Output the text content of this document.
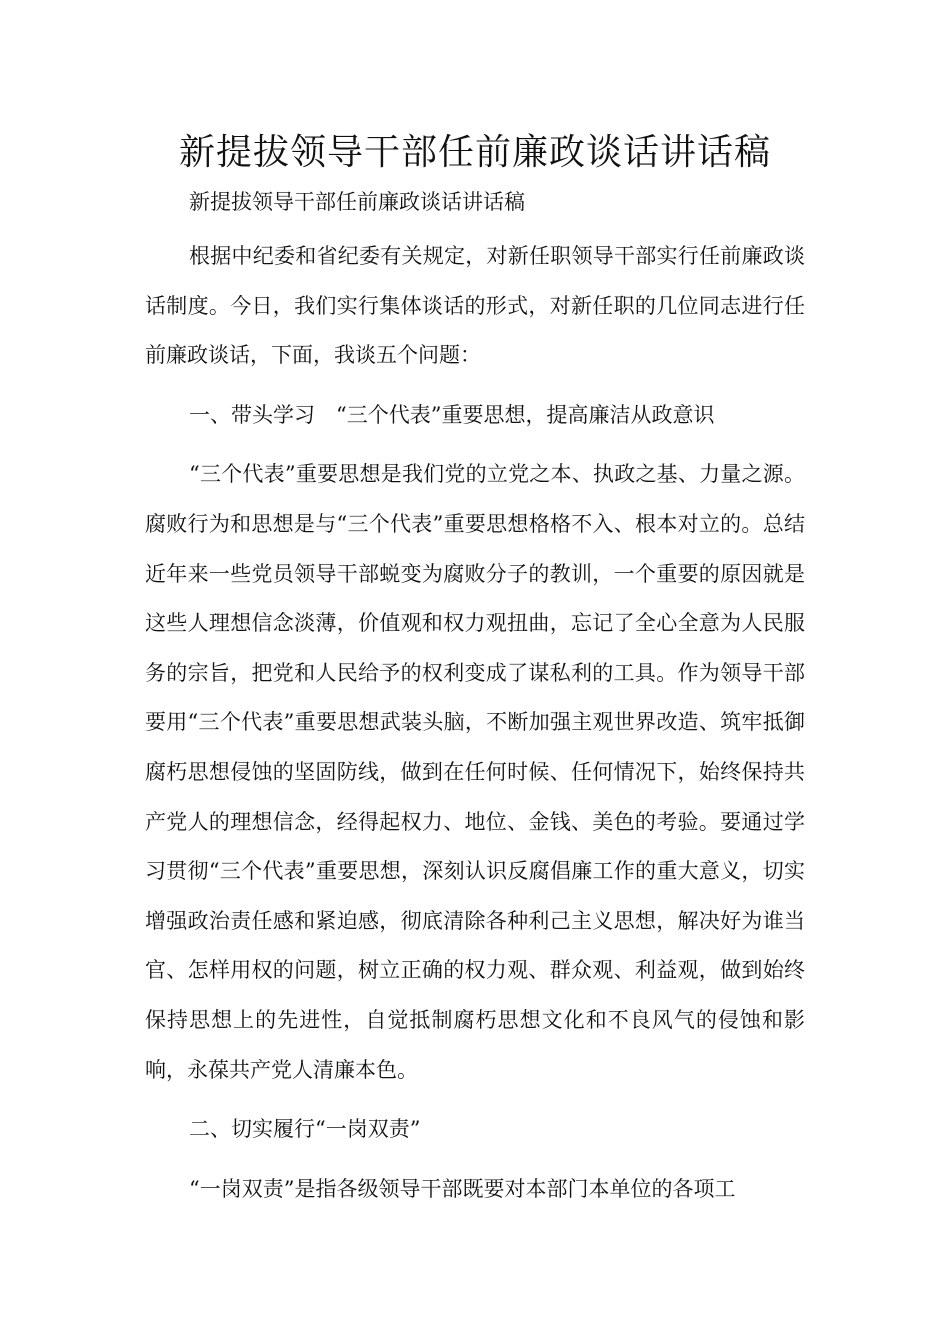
新提拔领导干部任前廉政谈话讲话稿

新提拔领导干部任前廉政谈话讲话稿

根据中纪委和省纪委有关规定，对新任职领导干部实行任前廉政谈话制度。今日，我们实行集体谈话的形式，对新任职的几位同志进行任前廉政谈话，下面，我谈五个问题：

一、带头学习　“三个代表”重要思想，提高廉洁从政意识

“三个代表”重要思想是我们党的立党之本、执政之基、力量之源。腐败行为和思想是与“三个代表”重要思想格格不入、根本对立的。总结近年来一些党员领导干部蜕变为腐败分子的教训，一个重要的原因就是这些人理想信念淡薄，价值观和权力观扭曲，忘记了全心全意为人民服务的宗旨，把党和人民给予的权利变成了谋私利的工具。作为领导干部要用“三个代表”重要思想武装头脑，不断加强主观世界改造、筑牢抵御腐朽思想侵蚀的坚固防线，做到在任何时候、任何情况下，始终保持共产党人的理想信念，经得起权力、地位、金钱、美色的考验。要通过学习贯彻“三个代表”重要思想，深刻认识反腐倡廉工作的重大意义，切实增强政治责任感和紧迫感，彻底清除各种利己主义思想，解决好为谁当官、怎样用权的问题，树立正确的权力观、群众观、利益观，做到始终保持思想上的先进性，自觉抵制腐朽思想文化和不良风气的侵蚀和影响，永葆共产党人清廉本色。

二、切实履行“一岗双责”

“一岗双责”是指各级领导干部既要对本部门本单位的各项工
